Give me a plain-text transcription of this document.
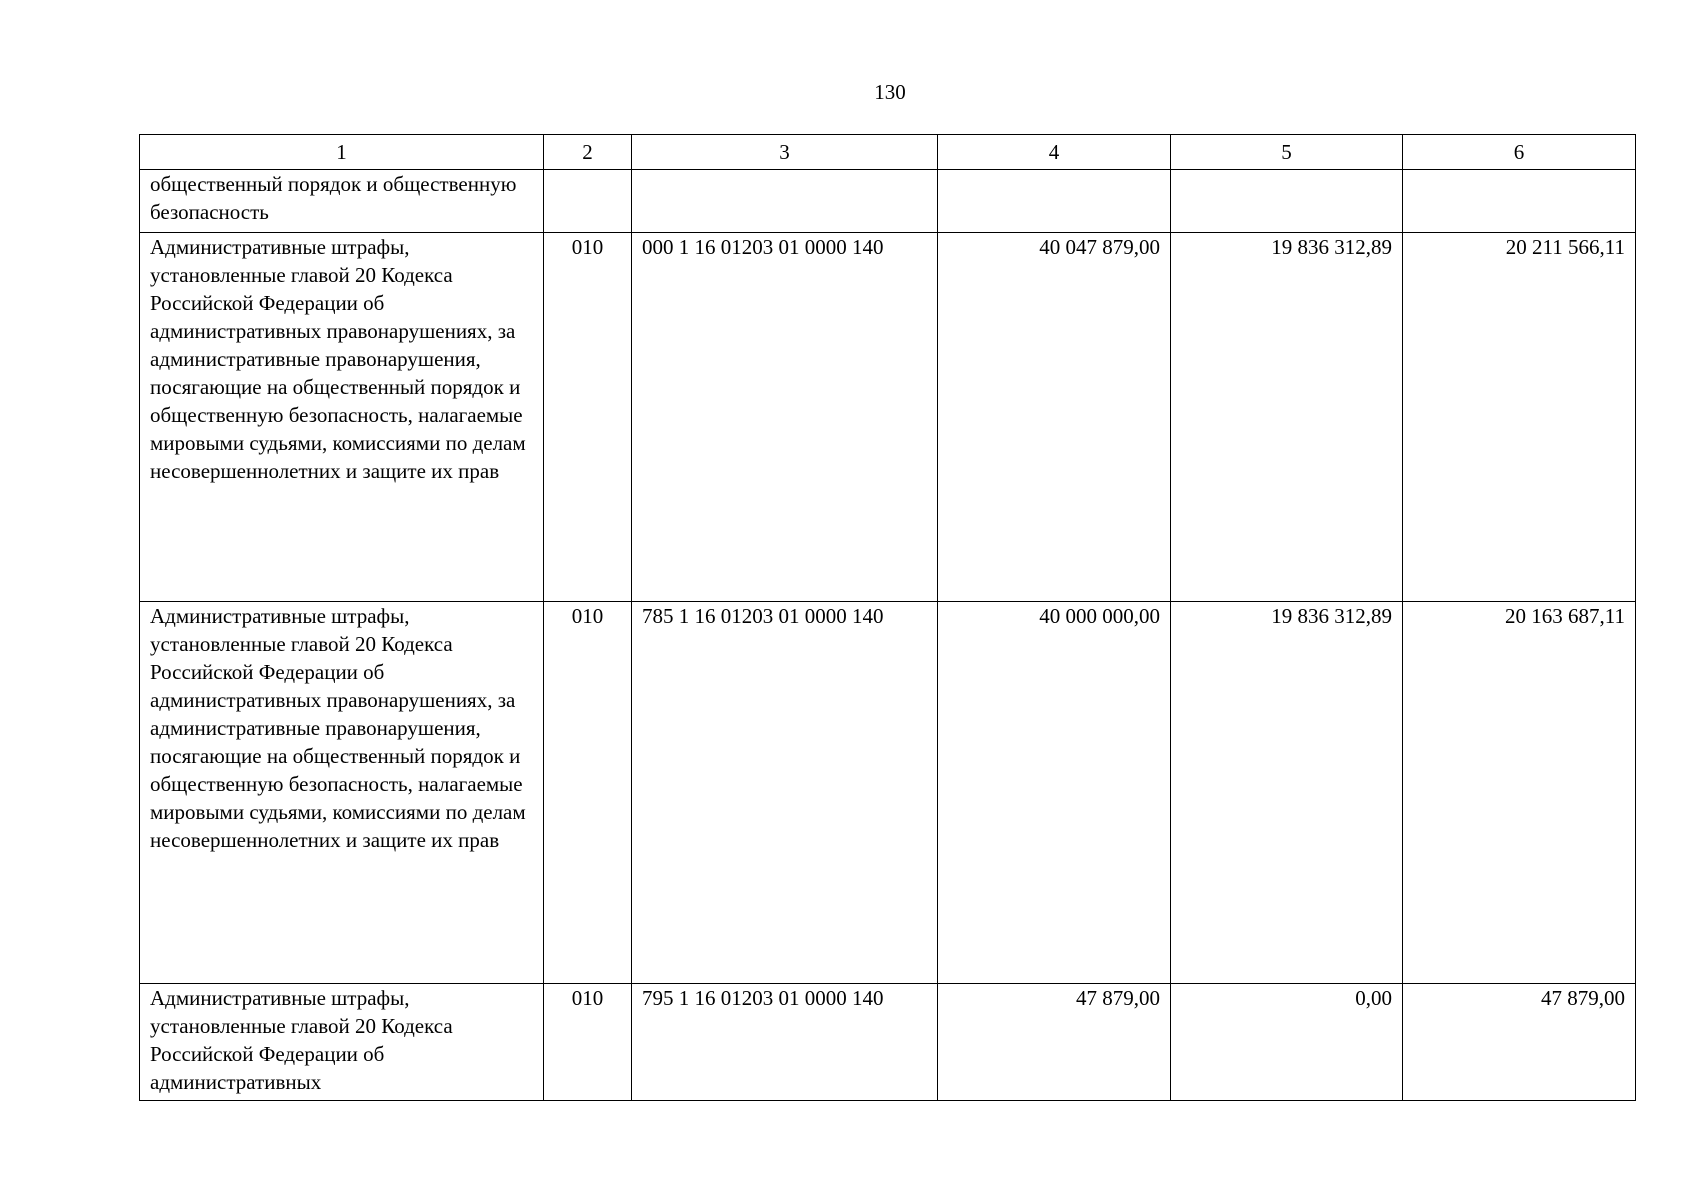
130
1	2	3	4	5	6
общественный порядок и общественную безопасность					
Административные штрафы, установленные главой 20 Кодекса Российской Федерации об административных правонарушениях, за административные правонарушения, посягающие на общественный порядок и общественную безопасность, налагаемые мировыми судьями, комиссиями по делам несовершеннолетних и защите их прав	010	000 1 16 01203 01 0000 140	40 047 879,00	19 836 312,89	20 211 566,11
Административные штрафы, установленные главой 20 Кодекса Российской Федерации об административных правонарушениях, за административные правонарушения, посягающие на общественный порядок и общественную безопасность, налагаемые мировыми судьями, комиссиями по делам несовершеннолетних и защите их прав	010	785 1 16 01203 01 0000 140	40 000 000,00	19 836 312,89	20 163 687,11
Административные штрафы, установленные главой 20 Кодекса Российской Федерации об административных	010	795 1 16 01203 01 0000 140	47 879,00	0,00	47 879,00
